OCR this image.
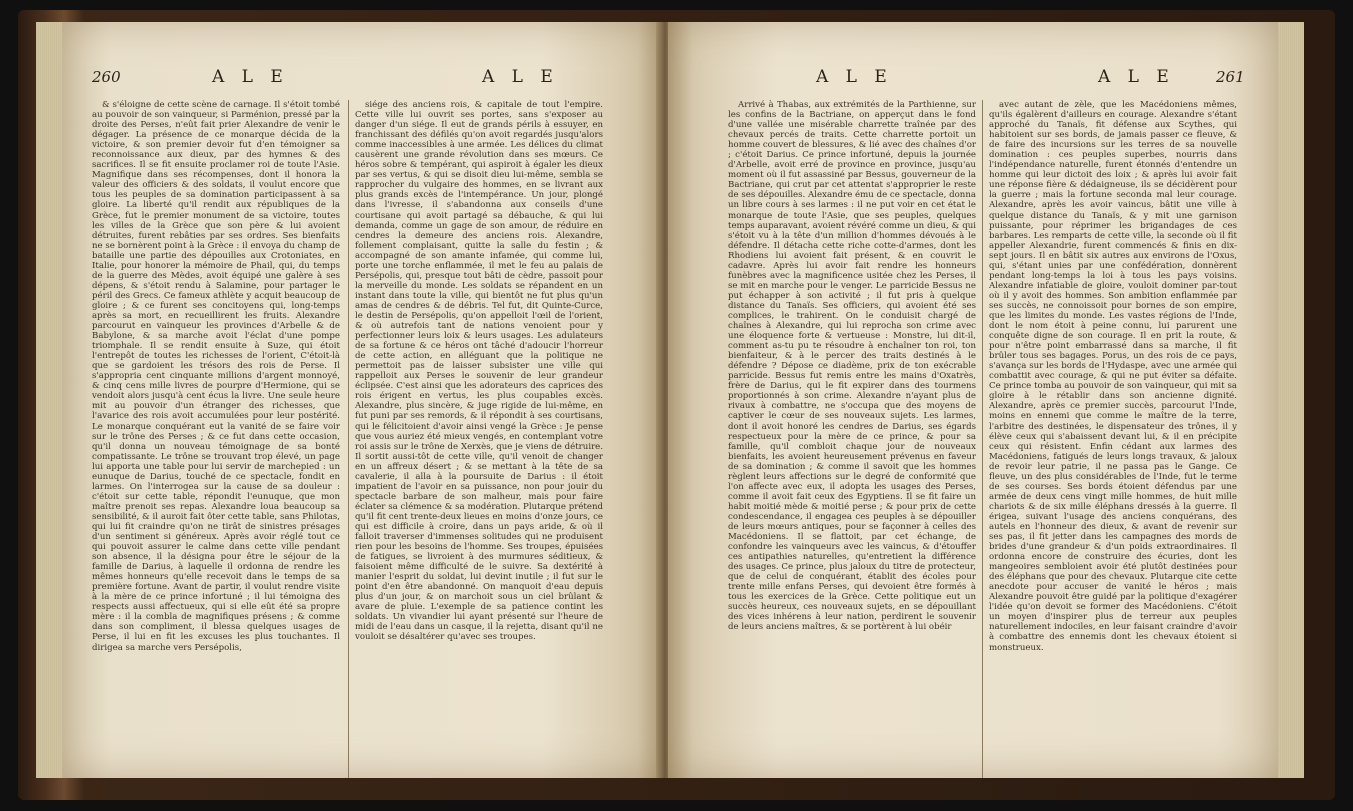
260	A L E	A L E

& s'éloigne de cette scène de carnage. Il s'étoit tombé au pouvoir de son vainqueur, si Parménion, pressé par la droite des Perses, n'eût fait prier Alexandre de venir le dégager. La présence de ce monarque décida de la victoire, & son premier devoir fut d'en témoigner sa reconnoissance aux dieux, par des hymnes & des sacrifices. Il se fit ensuite proclamer roi de toute l'Asie. Magnifique dans ses récompenses, dont il honora la valeur des officiers & des soldats, il voulut encore que tous les peuples de sa domination participassent à sa gloire. La liberté qu'il rendit aux républiques de la Grèce, fut le premier monument de sa victoire, toutes les villes de la Grèce que son père & lui avoient détruites, furent rebâties par ses ordres. Ses bienfaits ne se bornèrent point à la Grèce : il envoya du champ de bataille une partie des dépouilles aux Crotoniates, en Italie, pour honorer la mémoire de Phail, qui, du temps de la guerre des Mèdes, avoit équipé une galère à ses dépens, & s'étoit rendu à Salamine, pour partager le péril des Grecs. Ce fameux athlète y acquit beaucoup de gloire ; & ce furent ses concitoyens qui, long-temps après sa mort, en recueillirent les fruits. Alexandre parcourut en vainqueur les provinces d'Arbelle & de Babylone, & sa marche avoit l'éclat d'une pompe triomphale. Il se rendit ensuite à Suze, qui étoit l'entrepôt de toutes les richesses de l'orient, C'étoit-là que se gardoient les trésors des rois de Perse. Il s'appropria cent cinquante millions d'argent monnoyé, & cinq cens mille livres de pourpre d'Hermione, qui se vendoit alors jusqu'à cent écus la livre. Une seule heure mit au pouvoir d'un étranger des richesses, que l'avarice des rois avoit accumulées pour leur postérité. Le monarque conquérant eut la vanité de se faire voir sur le trône des Perses ; & ce fut dans cette occasion, qu'il donna un nouveau témoignage de sa bonté compatissante. Le trône se trouvant trop élevé, un page lui apporta une table pour lui servir de marchepied : un eunuque de Darius, touché de ce spectacle, fondit en larmes. On l'interrogea sur la cause de sa douleur : c'étoit sur cette table, répondit l'eunuque, que mon maître prenoit ses repas. Alexandre loua beaucoup sa sensibilité, & il auroit fait ôter cette table, sans Philotas, qui lui fit craindre qu'on ne tirât de sinistres présages d'un sentiment si généreux. Après avoir réglé tout ce qui pouvoit assurer le calme dans cette ville pendant son absence, il la désigna pour être le séjour de la famille de Darius, à laquelle il ordonna de rendre les mêmes honneurs qu'elle recevoit dans le temps de sa première fortune. Avant de partir, il voulut rendre visite à la mère de ce prince infortuné ; il lui témoigna des respects aussi affectueux, qui si elle eût été sa propre mère : il la combla de magnifiques présens ; & comme dans son compliment, il blessa quelques usages de Perse, il lui en fit les excuses les plus touchantes. Il dirigea sa marche vers Persépolis,

siége des anciens rois, & capitale de tout l'empire. Cette ville lui ouvrit ses portes, sans s'exposer au danger d'un siége. Il eut de grands périls à essuyer, en franchissant des défilés qu'on avoit regardés jusqu'alors comme inaccessibles à une armée. Les délices du climat causèrent une grande révolution dans ses mœurs. Ce héros sobre & tempérant, qui aspiroit à égaler les dieux par ses vertus, & qui se disoit dieu lui-même, sembla se rapprocher du vulgaire des hommes, en se livrant aux plus grands excès de l'intempérance. Un jour, plongé dans l'ivresse, il s'abandonna aux conseils d'une courtisane qui avoit partagé sa débauche, & qui lui demanda, comme un gage de son amour, de réduire en cendres la demeure des anciens rois. Alexandre, follement complaisant, quitte la salle du festin ; & accompagné de son amante infamée, qui comme lui, porte une torche enflammée, il met le feu au palais de Persépolis, qui, presque tout bâti de cèdre, passoit pour la merveille du monde. Les soldats se répandent en un instant dans toute la ville, qui bientôt ne fut plus qu'un amas de cendres & de débris. Tel fut, dit Quinte-Curce, le destin de Persépolis, qu'on appelloit l'œil de l'orient, & où autrefois tant de nations venoient pour y perfectionner leurs loix & leurs usages. Les adulateurs de sa fortune & ce héros ont tâché d'adoucir l'horreur de cette action, en alléguant que la politique ne permettoit pas de laisser subsister une ville qui rappelloit aux Perses le souvenir de leur grandeur éclipsée. C'est ainsi que les adorateurs des caprices des rois érigent en vertus, les plus coupables excès. Alexandre, plus sincère, & juge rigide de lui-même, en fut puni par ses remords, & il répondit à ses courtisans, qui le félicitoient d'avoir ainsi vengé la Grèce : Je pense que vous auriez été mieux vengés, en contemplant votre roi assis sur le trône de Xerxès, que je viens de détruire. Il sortit aussi-tôt de cette ville, qu'il venoit de changer en un affreux désert ; & se mettant à la tête de sa cavalerie, il alla à la poursuite de Darius : il étoit impatient de l'avoir en sa puissance, non pour jouir du spectacle barbare de son malheur, mais pour faire éclater sa clémence & sa modération. Plutarque prétend qu'il fit cent trente-deux lieues en moins d'onze jours, ce qui est difficile à croire, dans un pays aride, & où il falloit traverser d'immenses solitudes qui ne produisent rien pour les besoins de l'homme. Ses troupes, épuisées de fatigues, se livroient à des murmures séditieux, & faisoient même difficulté de le suivre. Sa dextérité à manier l'esprit du soldat, lui devint inutile ; il fut sur le point d'en être abandonné. On manquoit d'eau depuis plus d'un jour, & on marchoit sous un ciel brûlant & avare de pluie. L'exemple de sa patience contint les soldats. Un vivandier lui ayant présenté sur l'heure de midi de l'eau dans un casque, il la rejetta, disant qu'il ne vouloit se désaltérer qu'avec ses troupes.

A L E	A L E	261

Arrivé à Thabas, aux extrémités de la Parthienne, sur les confins de la Bactriane, on apperçut dans le fond d'une vallée une misérable charrette traînée par des chevaux percés de traits. Cette charrette portoit un homme couvert de blessures, & lié avec des chaînes d'or ; c'étoit Darius. Ce prince infortuné, depuis la journée d'Arbelle, avoit erré de province en province, jusqu'au moment où il fut assassiné par Bessus, gouverneur de la Bactriane, qui crut par cet attentat s'approprier le reste de ses dépouilles. Alexandre ému de ce spectacle, donna un libre cours à ses larmes : il ne put voir en cet état le monarque de toute l'Asie, que ses peuples, quelques temps auparavant, avoient révéré comme un dieu, & qui s'étoit vu à la tête d'un million d'hommes dévoués à le défendre. Il détacha cette riche cotte-d'armes, dont les Rhodiens lui avoient fait présent, & en couvrit le cadavre. Après lui avoir fait rendre les honneurs funèbres avec la magnificence usitée chez les Perses, il se mit en marche pour le venger. Le parricide Bessus ne put échapper à son activité ; il fut pris à quelque distance du Tanaïs. Ses officiers, qui avoient été ses complices, le trahirent. On le conduisit chargé de chaînes à Alexandre, qui lui reprocha son crime avec une éloquence forte & vertueuse : Monstre, lui dit-il, comment as-tu pu te résoudre à enchaîner ton roi, ton bienfaiteur, & à le percer des traits destinés à le défendre ? Dépose ce diadème, prix de ton exécrable parricide. Bessus fut remis entre les mains d'Oxatrès, frère de Darius, qui le fit expirer dans des tourmens proportionnés à son crime. Alexandre n'ayant plus de rivaux à combattre, ne s'occupa que des moyens de captiver le cœur de ses nouveaux sujets. Les larmes, dont il avoit honoré les cendres de Darius, ses égards respectueux pour la mère de ce prince, & pour sa famille, qu'il combloit chaque jour de nouveaux bienfaits, les avoient heureusement prévenus en faveur de sa domination ; & comme il savoit que les hommes règlent leurs affections sur le degré de conformité que l'on affecte avec eux, il adopta les usages des Perses, comme il avoit fait ceux des Egyptiens. Il se fit faire un habit moitié mède & moitié perse ; & pour prix de cette condescendance, il engagea ces peuples à se dépouiller de leurs mœurs antiques, pour se façonner à celles des Macédoniens. Il se flattoit, par cet échange, de confondre les vainqueurs avec les vaincus, & d'étouffer ces antipathies naturelles, qu'entretient la différence des usages. Ce prince, plus jaloux du titre de protecteur, que de celui de conquérant, établit des écoles pour trente mille enfans Perses, qui devoient être formés à tous les exercices de la Grèce. Cette politique eut un succès heureux, ces nouveaux sujets, en se dépouillant des vices inhérens à leur nation, perdirent le souvenir de leurs anciens maîtres, & se portèrent à lui obéir

avec autant de zèle, que les Macédoniens mêmes, qu'ils égalèrent d'ailleurs en courage. Alexandre s'étant approché du Tanaïs, fit défense aux Scythes, qui habitoient sur ses bords, de jamais passer ce fleuve, & de faire des incursions sur les terres de sa nouvelle domination : ces peuples superbes, nourris dans l'indépendance naturelle, furent étonnés d'entendre un homme qui leur dictoit des loix ; & après lui avoir fait une réponse fière & dédaigneuse, ils se décidèrent pour la guerre ; mais la fortune seconda mal leur courage. Alexandre, après les avoir vaincus, bâtit une ville à quelque distance du Tanaïs, & y mit une garnison puissante, pour réprimer les brigandages de ces barbares. Les remparts de cette ville, la seconde où il fit appeller Alexandrie, furent commencés & finis en dix-sept jours. Il en bâtit six autres aux environs de l'Oxus, qui, s'étant unies par une confédération, donnèrent pendant long-temps la loi à tous les pays voisins. Alexandre infatiable de gloire, vouloit dominer par-tout où il y avoit des hommes. Son ambition enflammée par ses succès, ne connoissoit pour bornes de son empire, que les limites du monde. Les vastes régions de l'Inde, dont le nom étoit à peine connu, lui parurent une conquête digne de son courage. Il en prit la route, & pour n'être point embarrassé dans sa marche, il fit brûler tous ses bagages. Porus, un des rois de ce pays, s'avança sur les bords de l'Hydaspe, avec une armée qui combattit avec courage, & qui ne put éviter sa défaite. Ce prince tomba au pouvoir de son vainqueur, qui mit sa gloire à le rétablir dans son ancienne dignité. Alexandre, après ce premier succès, parcourut l'Inde, moins en ennemi que comme le maître de la terre, l'arbitre des destinées, le dispensateur des trônes, il y élève ceux qui s'abaissent devant lui, & il en précipite ceux qui résistent. Enfin cédant aux larmes des Macédoniens, fatigués de leurs longs travaux, & jaloux de revoir leur patrie, il ne passa pas le Gange. Ce fleuve, un des plus considérables de l'Inde, fut le terme de ses courses. Ses bords étoient défendus par une armée de deux cens vingt mille hommes, de huit mille chariots & de six mille éléphans dressés à la guerre. Il érigea, suivant l'usage des anciens conquérans, des autels en l'honneur des dieux, & avant de revenir sur ses pas, il fit jetter dans les campagnes des mords de brides d'une grandeur & d'un poids extraordinaires. Il ordonna encore de construire des écuries, dont les mangeoires sembloient avoir été plutôt destinées pour des éléphans que pour des chevaux. Plutarque cite cette anecdote pour accuser de vanité le héros ; mais Alexandre pouvoit être guidé par la politique d'exagérer l'idée qu'on devoit se former des Macédoniens. C'étoit un moyen d'inspirer plus de terreur aux peuples naturellement indociles, en leur faisant craindre d'avoir à combattre des ennemis dont les chevaux étoient si monstrueux.
